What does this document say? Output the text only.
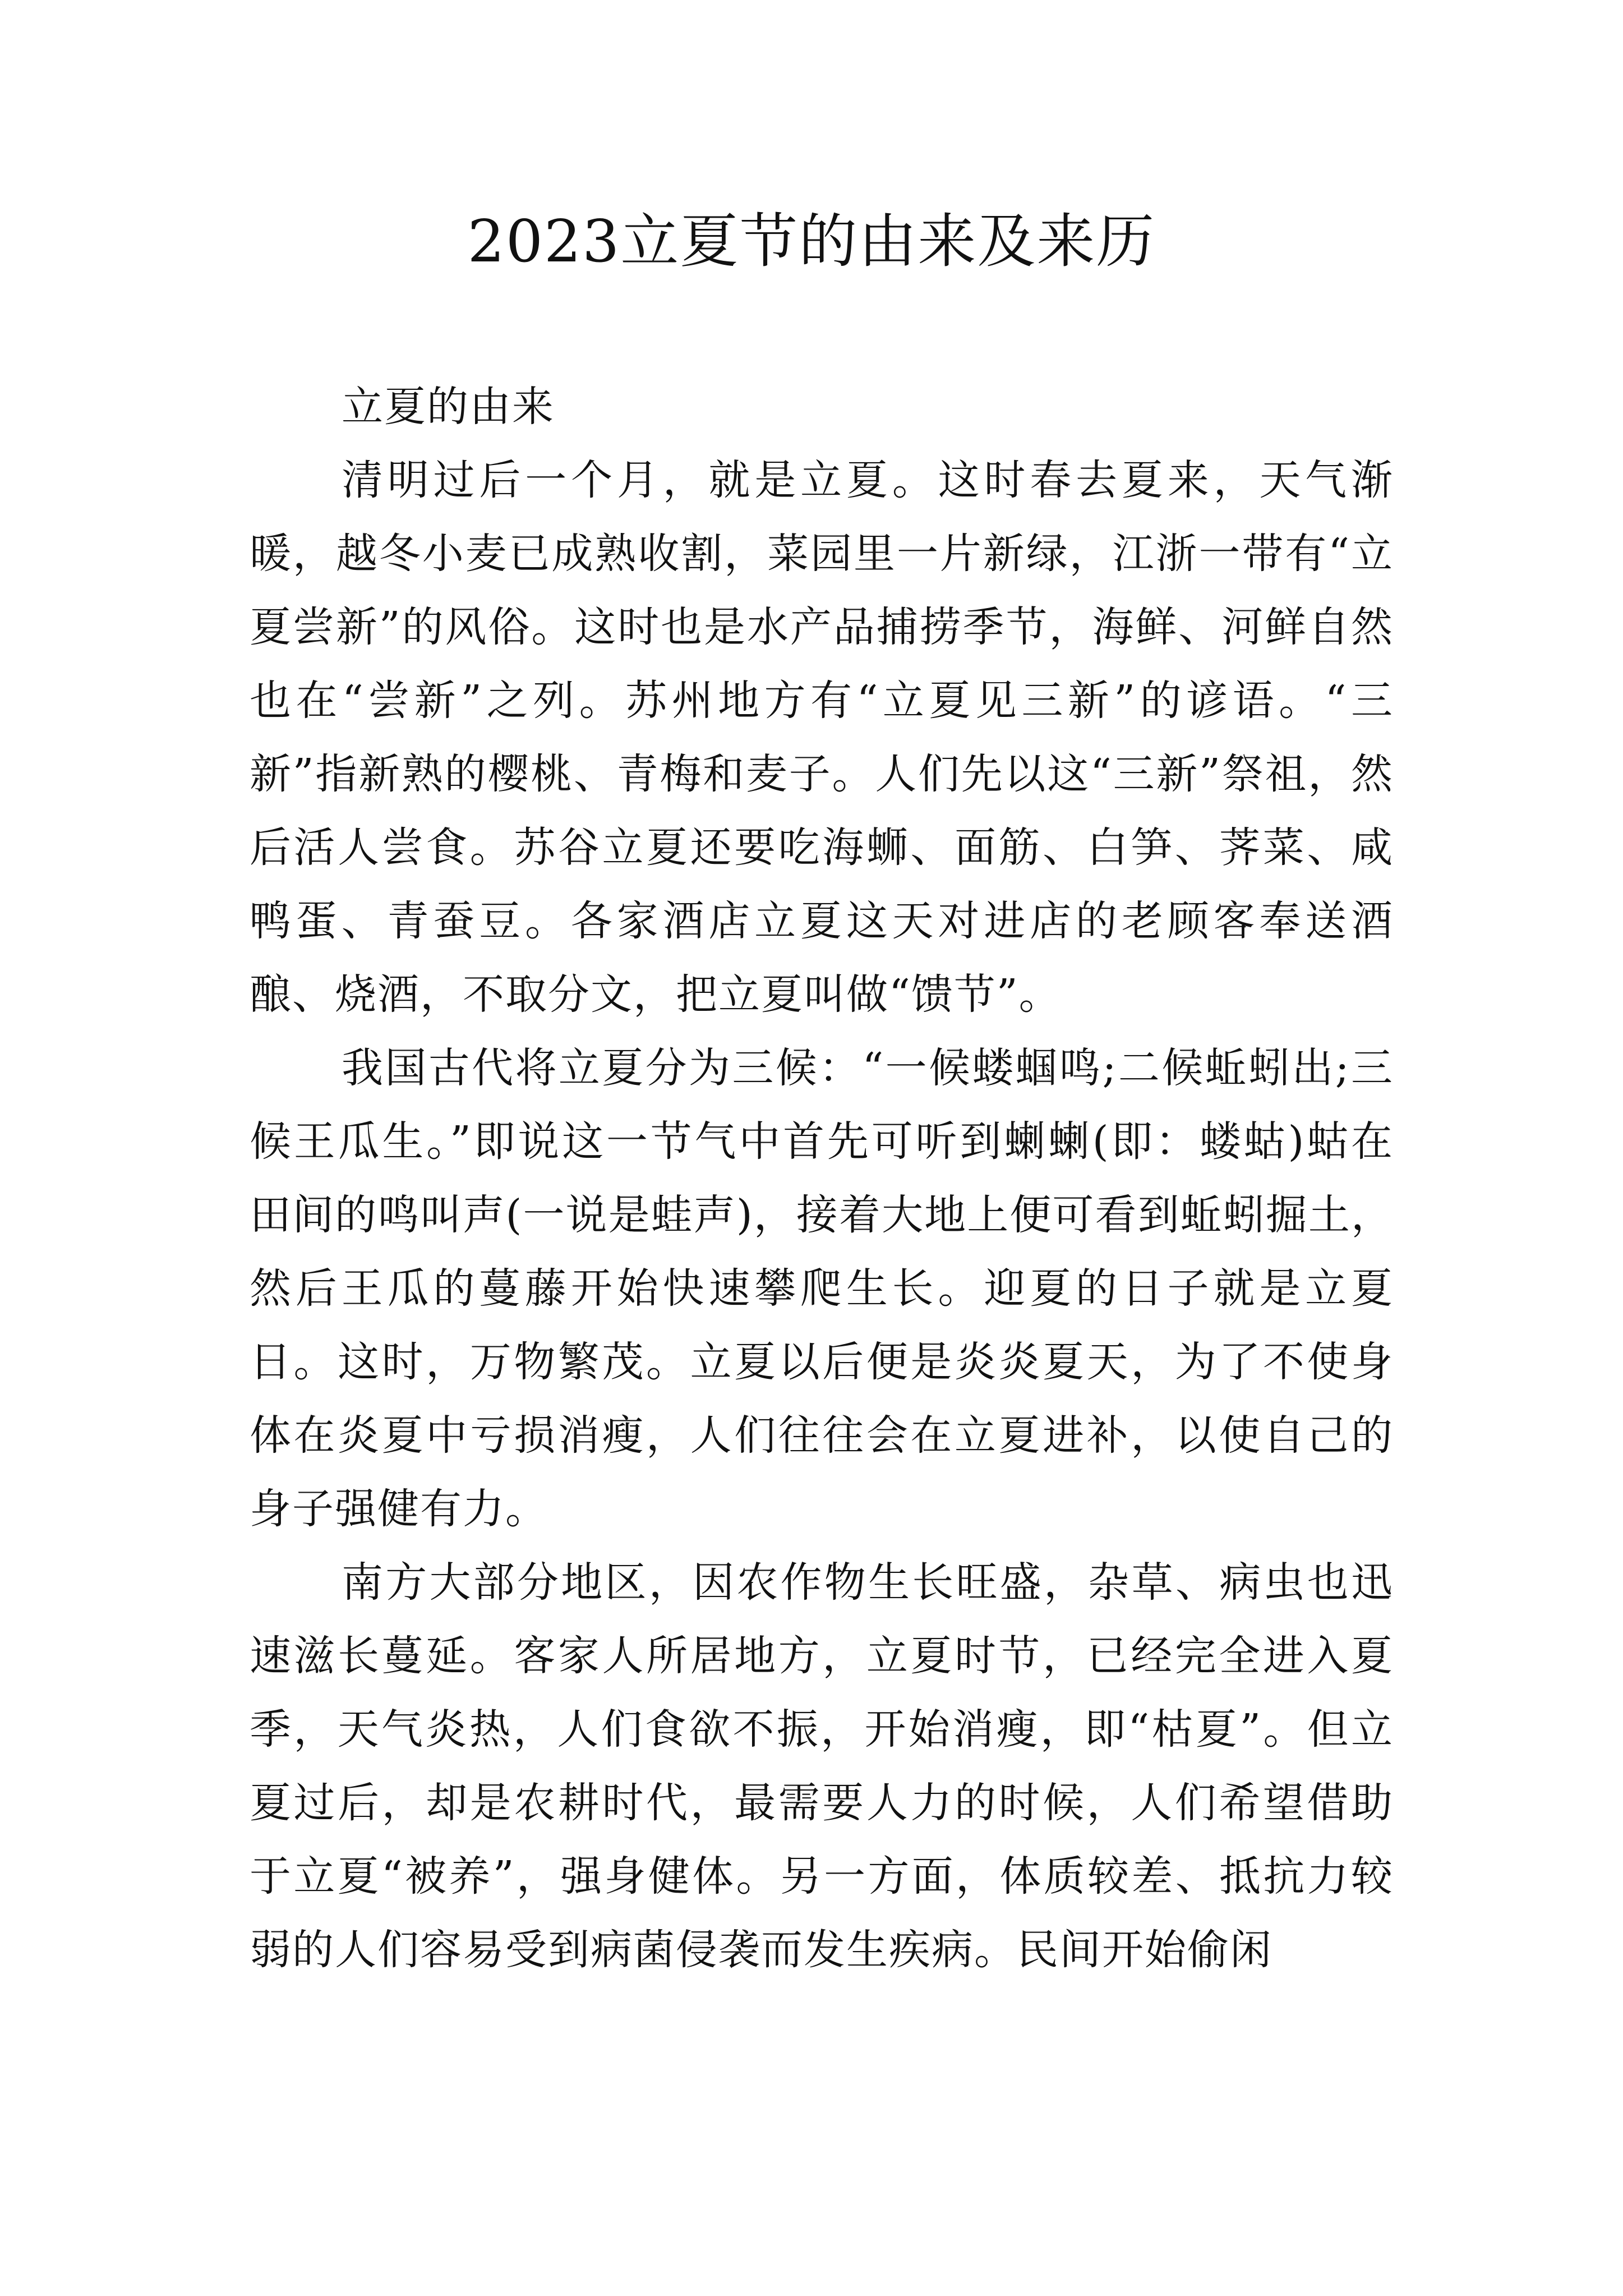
2023立夏节的由来及来历

立夏的由来

清明过后一个月，就是立夏。这时春去夏来，天气渐暖，越冬小麦已成熟收割，菜园里一片新绿，江浙一带有“立夏尝新”的风俗。这时也是水产品捕捞季节，海鲜、河鲜自然也在“尝新”之列。苏州地方有“立夏见三新”的谚语。“三新”指新熟的樱桃、青梅和麦子。人们先以这“三新”祭祖，然后活人尝食。苏谷立夏还要吃海蛳、面筋、白笋、荠菜、咸鸭蛋、青蚕豆。各家酒店立夏这天对进店的老顾客奉送酒酿、烧酒，不取分文，把立夏叫做“馈节”。

我国古代将立夏分为三候：“一候蝼蝈鸣;二候蚯蚓出;三候王瓜生。”即说这一节气中首先可听到蝲蝲(即：蝼蛄)蛄在田间的鸣叫声(一说是蛙声)，接着大地上便可看到蚯蚓掘土，然后王瓜的蔓藤开始快速攀爬生长。迎夏的日子就是立夏日。这时，万物繁茂。立夏以后便是炎炎夏天，为了不使身体在炎夏中亏损消瘦，人们往往会在立夏进补，以使自己的身子强健有力。

南方大部分地区，因农作物生长旺盛，杂草、病虫也迅速滋长蔓延。客家人所居地方，立夏时节，已经完全进入夏季，天气炎热，人们食欲不振，开始消瘦，即“枯夏”。但立夏过后，却是农耕时代，最需要人力的时候，人们希望借助于立夏“被养”，强身健体。另一方面，体质较差、抵抗力较弱的人们容易受到病菌侵袭而发生疾病。民间开始偷闲
